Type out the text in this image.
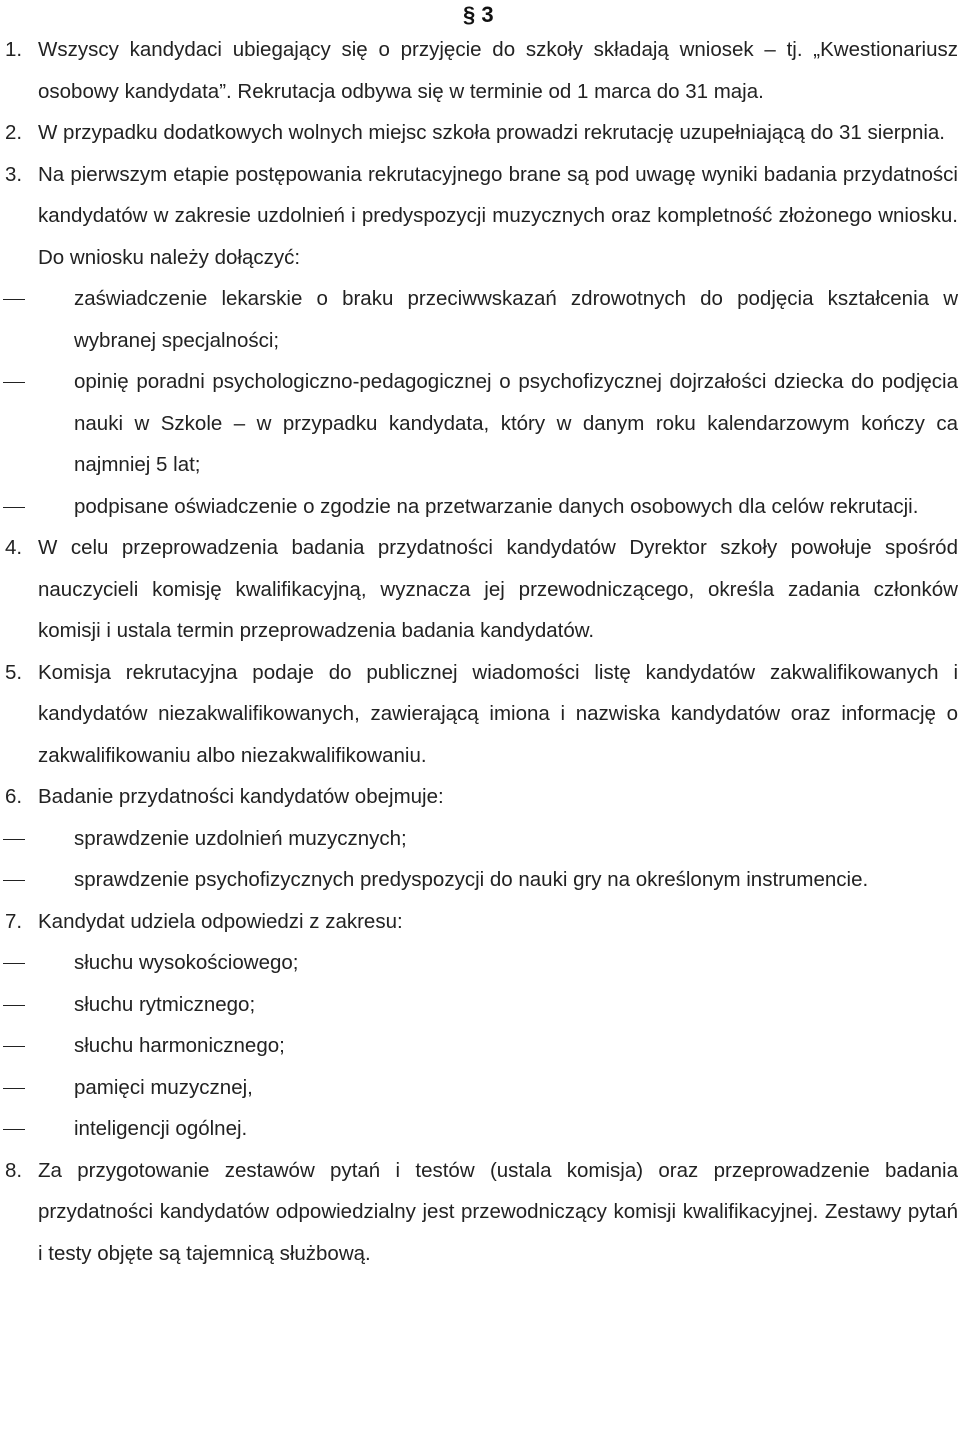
§ 3
1. Wszyscy kandydaci ubiegający się o przyjęcie do szkoły składają wniosek – tj. „Kwestionariusz osobowy kandydata”. Rekrutacja odbywa się w terminie od 1 marca do 31 maja.
2. W przypadku dodatkowych wolnych miejsc szkoła prowadzi rekrutację uzupełniającą do 31 sierpnia.
3. Na pierwszym etapie postępowania rekrutacyjnego brane są pod uwagę wyniki badania przydatności kandydatów w zakresie uzdolnień i predyspozycji muzycznych oraz kompletność złożonego wniosku. Do wniosku należy dołączyć:
zaświadczenie lekarskie o braku przeciwwskazań zdrowotnych do podjęcia kształcenia w wybranej specjalności;
opinię poradni psychologiczno-pedagogicznej o psychofizycznej dojrzałości dziecka do podjęcia nauki w Szkole – w przypadku kandydata, który w danym roku kalendarzowym kończy ca najmniej 5 lat;
podpisane oświadczenie o zgodzie na przetwarzanie danych osobowych dla celów rekrutacji.
4. W celu przeprowadzenia badania przydatności kandydatów Dyrektor szkoły powołuje spośród nauczycieli komisję kwalifikacyjną, wyznacza jej przewodniczącego, określa zadania członków komisji i ustala termin przeprowadzenia badania kandydatów.
5. Komisja rekrutacyjna podaje do publicznej wiadomości listę kandydatów zakwalifikowanych i kandydatów niezakwalifikowanych, zawierającą imiona i nazwiska kandydatów oraz informację o zakwalifikowaniu albo niezakwalifikowaniu.
6. Badanie przydatności kandydatów obejmuje:
sprawdzenie uzdolnień muzycznych;
sprawdzenie psychofizycznych predyspozycji do nauki gry na określonym instrumencie.
7. Kandydat udziela odpowiedzi z zakresu:
słuchu wysokościowego;
słuchu rytmicznego;
słuchu harmonicznego;
pamięci muzycznej,
inteligencji ogólnej.
8. Za przygotowanie zestawów pytań i testów (ustala komisja) oraz przeprowadzenie badania przydatności kandydatów odpowiedzialny jest przewodniczący komisji kwalifikacyjnej. Zestawy pytań i testy objęte są tajemnicą służbową.
